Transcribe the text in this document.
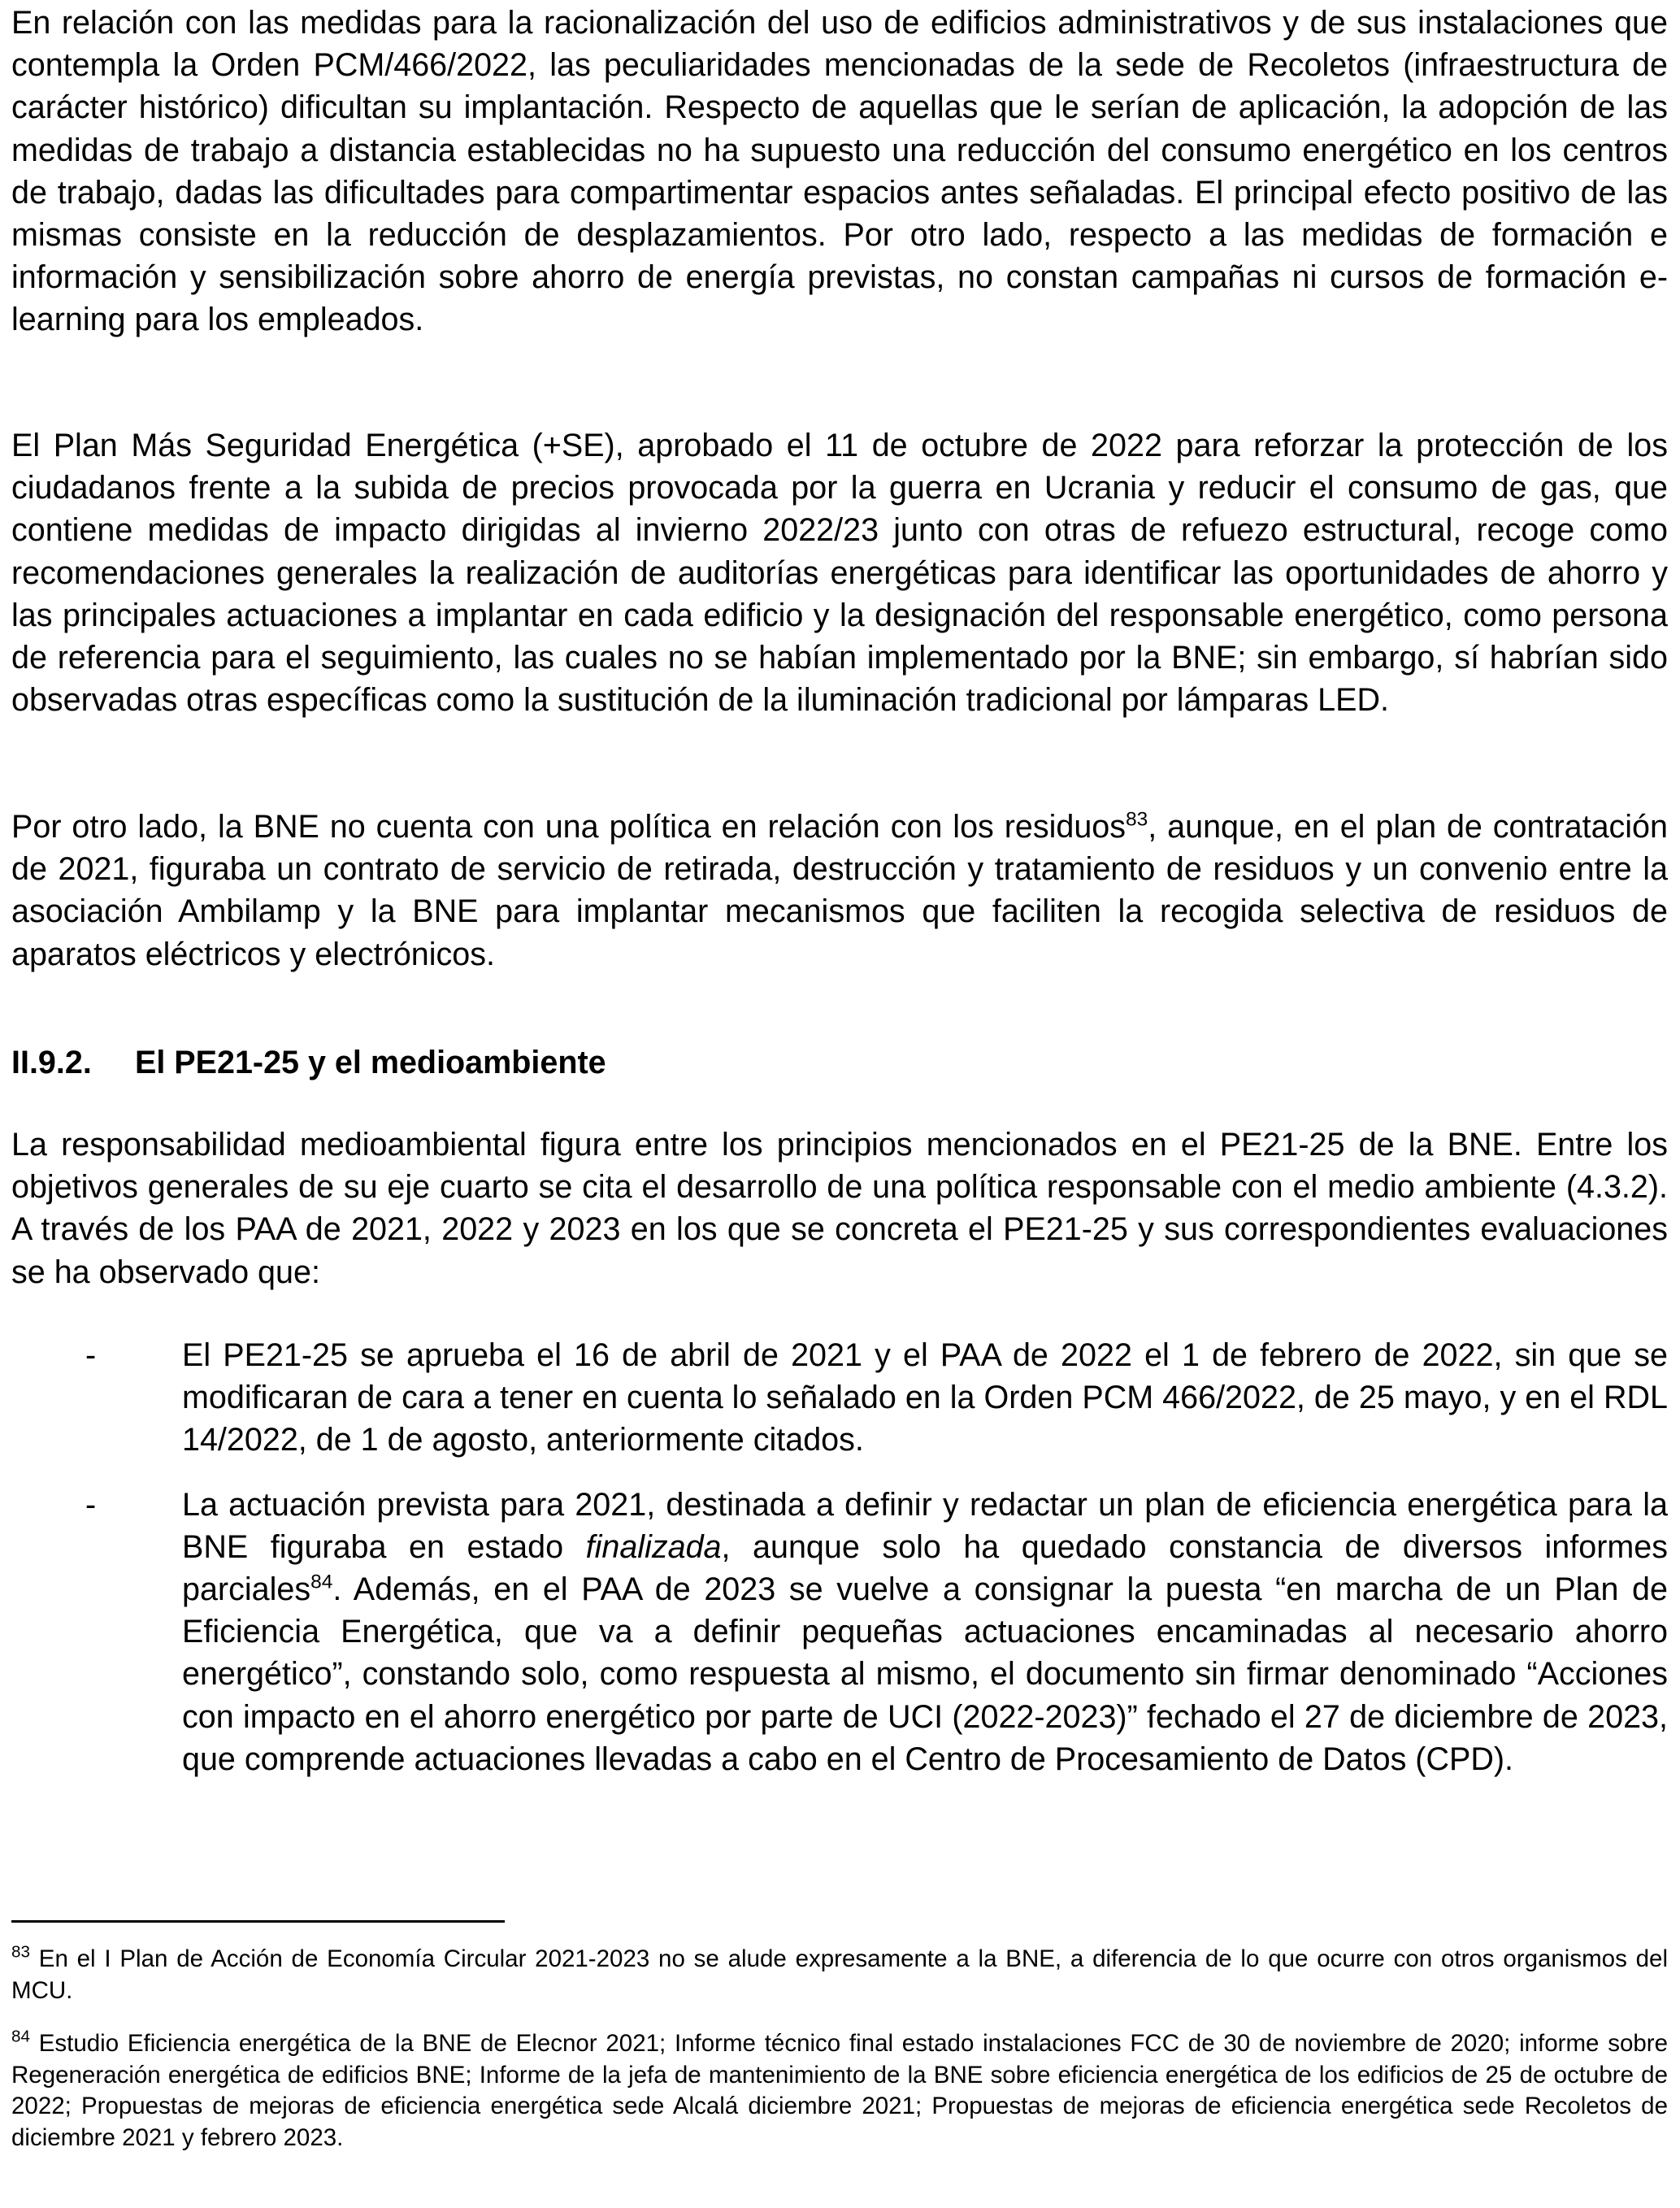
En relación con las medidas para la racionalización del uso de edificios administrativos y de sus instalaciones que contempla la Orden PCM/466/2022, las peculiaridades mencionadas de la sede de Recoletos (infraestructura de carácter histórico) dificultan su implantación. Respecto de aquellas que le serían de aplicación, la adopción de las medidas de trabajo a distancia establecidas no ha supuesto una reducción del consumo energético en los centros de trabajo, dadas las dificultades para compartimentar espacios antes señaladas. El principal efecto positivo de las mismas consiste en la reducción de desplazamientos. Por otro lado, respecto a las medidas de formación e información y sensibilización sobre ahorro de energía previstas, no constan campañas ni cursos de formación e-learning para los empleados.

El Plan Más Seguridad Energética (+SE), aprobado el 11 de octubre de 2022 para reforzar la protección de los ciudadanos frente a la subida de precios provocada por la guerra en Ucrania y reducir el consumo de gas, que contiene medidas de impacto dirigidas al invierno 2022/23 junto con otras de refuezo estructural, recoge como recomendaciones generales la realización de auditorías energéticas para identificar las oportunidades de ahorro y las principales actuaciones a implantar en cada edificio y la designación del responsable energético, como persona de referencia para el seguimiento, las cuales no se habían implementado por la BNE; sin embargo, sí habrían sido observadas otras específicas como la sustitución de la iluminación tradicional por lámparas LED.

Por otro lado, la BNE no cuenta con una política en relación con los residuos$^{83}$, aunque, en el plan de contratación de 2021, figuraba un contrato de servicio de retirada, destrucción y tratamiento de residuos y un convenio entre la asociación Ambilamp y la BNE para implantar mecanismos que faciliten la recogida selectiva de residuos de aparatos eléctricos y electrónicos.

II.9.2. El PE21-25 y el medioambiente

La responsabilidad medioambiental figura entre los principios mencionados en el PE21-25 de la BNE. Entre los objetivos generales de su eje cuarto se cita el desarrollo de una política responsable con el medio ambiente (4.3.2). A través de los PAA de 2021, 2022 y 2023 en los que se concreta el PE21-25 y sus correspondientes evaluaciones se ha observado que:

-	El PE21-25 se aprueba el 16 de abril de 2021 y el PAA de 2022 el 1 de febrero de 2022, sin que se modificaran de cara a tener en cuenta lo señalado en la Orden PCM 466/2022, de 25 mayo, y en el RDL 14/2022, de 1 de agosto, anteriormente citados.
-	La actuación prevista para 2021, destinada a definir y redactar un plan de eficiencia energética para la BNE figuraba en estado finalizada, aunque solo ha quedado constancia de diversos informes parciales$^{84}$. Además, en el PAA de 2023 se vuelve a consignar la puesta “en marcha de un Plan de Eficiencia Energética, que va a definir pequeñas actuaciones encaminadas al necesario ahorro energético”, constando solo, como respuesta al mismo, el documento sin firmar denominado “Acciones con impacto en el ahorro energético por parte de UCI (2022-2023)” fechado el 27 de diciembre de 2023, que comprende actuaciones llevadas a cabo en el Centro de Procesamiento de Datos (CPD).

$^{83}$ En el I Plan de Acción de Economía Circular 2021-2023 no se alude expresamente a la BNE, a diferencia de lo que ocurre con otros organismos del MCU.

$^{84}$ Estudio Eficiencia energética de la BNE de Elecnor 2021; Informe técnico final estado instalaciones FCC de 30 de noviembre de 2020; informe sobre Regeneración energética de edificios BNE; Informe de la jefa de mantenimiento de la BNE sobre eficiencia energética de los edificios de 25 de octubre de 2022; Propuestas de mejoras de eficiencia energética sede Alcalá diciembre 2021; Propuestas de mejoras de eficiencia energética sede Recoletos de diciembre 2021 y febrero 2023.
